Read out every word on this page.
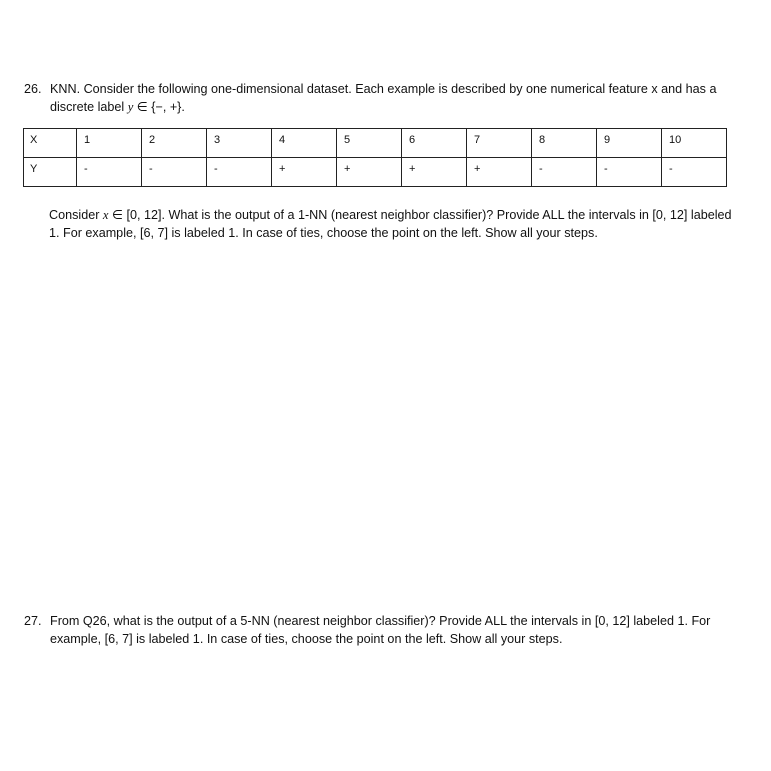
26. KNN. Consider the following one-dimensional dataset. Each example is described by one numerical feature x and has a discrete label y ∈ {−, +}.
X	1	2	3	4	5	6	7	8	9	10

Y	-	-	-	+	+	+	+	-	-	-
Consider x ∈ [0, 12]. What is the output of a 1-NN (nearest neighbor classifier)? Provide ALL the intervals in [0, 12] labeled 1. For example, [6, 7] is labeled 1. In case of ties, choose the point on the left. Show all your steps.
27. From Q26, what is the output of a 5-NN (nearest neighbor classifier)? Provide ALL the intervals in [0, 12] labeled 1. For example, [6, 7] is labeled 1. In case of ties, choose the point on the left. Show all your steps.
